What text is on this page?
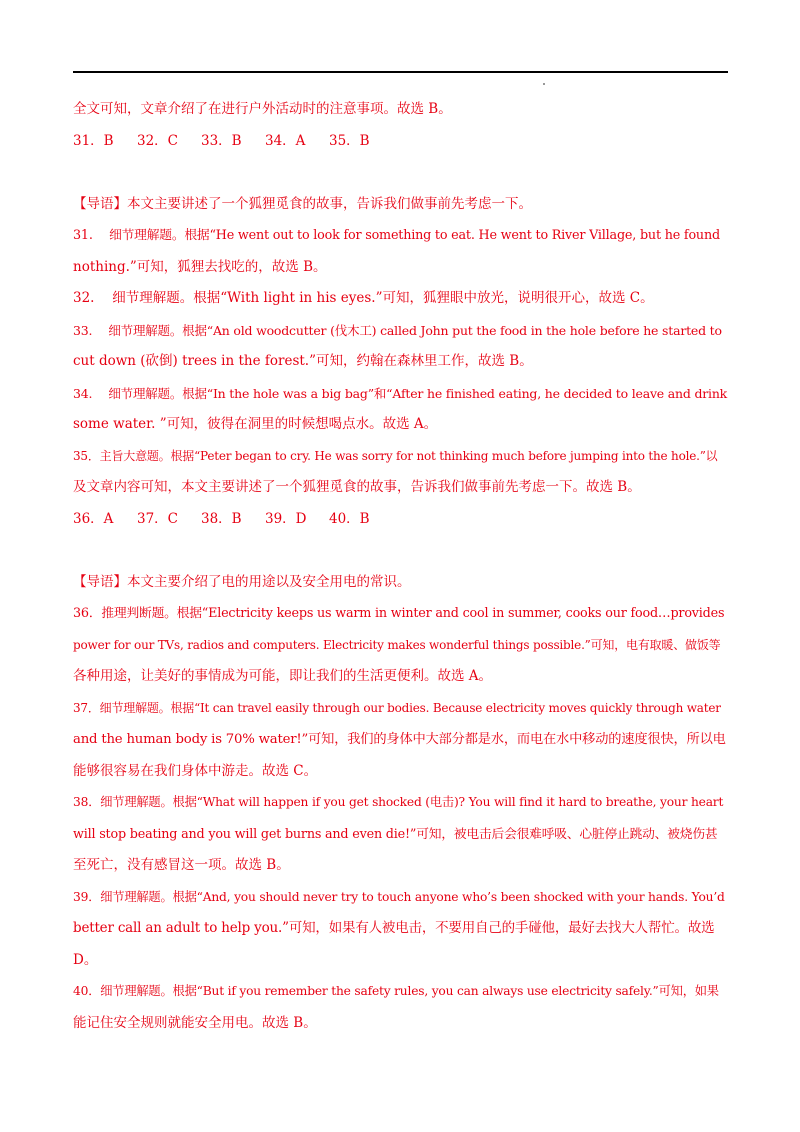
全文可知，文章介绍了在进行户外活动时的注意事项。故选 B。
31．B 32．C 33．B 34．A 35．B
【导语】本文主要讲述了一个狐狸觅食的故事，告诉我们做事前先考虑一下。
31.　 细节理解题。根据“He went out to look for something to eat. He went to River Village, but he found
nothing.”可知，狐狸去找吃的，故选 B。
32.　 细节理解题。根据“With light in his eyes.”可知，狐狸眼中放光，说明很开心，故选 C。
33.　 细节理解题。根据“An old woodcutter (伐木工) called John put the food in the hole before he started to
cut down (砍倒) trees in the forest.”可知，约翰在森林里工作，故选 B。
34.　 细节理解题。根据“In the hole was a big bag”和“After he finished eating, he decided to leave and drink
some water. ”可知，彼得在洞里的时候想喝点水。故选 A。
35．主旨大意题。根据“Peter began to cry. He was sorry for not thinking much before jumping into the hole.”以
及文章内容可知，本文主要讲述了一个狐狸觅食的故事，告诉我们做事前先考虑一下。故选 B。
36．A 37．C 38．B 39．D 40．B
【导语】本文主要介绍了电的用途以及安全用电的常识。
36．推理判断题。根据“Electricity keeps us warm in winter and cool in summer, cooks our food…provides
power for our TVs, radios and computers. Electricity makes wonderful things possible.”可知，电有取暖、做饭等
各种用途，让美好的事情成为可能，即让我们的生活更便利。故选 A。
37．细节理解题。根据“It can travel easily through our bodies. Because electricity moves quickly through water
and the human body is 70% water!”可知，我们的身体中大部分都是水，而电在水中移动的速度很快，所以电
能够很容易在我们身体中游走。故选 C。
38．细节理解题。根据“What will happen if you get shocked (电击)? You will find it hard to breathe, your heart
will stop beating and you will get burns and even die!”可知，被电击后会很难呼吸、心脏停止跳动、被烧伤甚
至死亡，没有感冒这一项。故选 B。
39．细节理解题。根据“And, you should never try to touch anyone who’s been shocked with your hands. You’d
better call an adult to help you.”可知，如果有人被电击，不要用自己的手碰他，最好去找大人帮忙。故选
D。
40．细节理解题。根据“But if you remember the safety rules, you can always use electricity safely.”可知，如果
能记住安全规则就能安全用电。故选 B。
